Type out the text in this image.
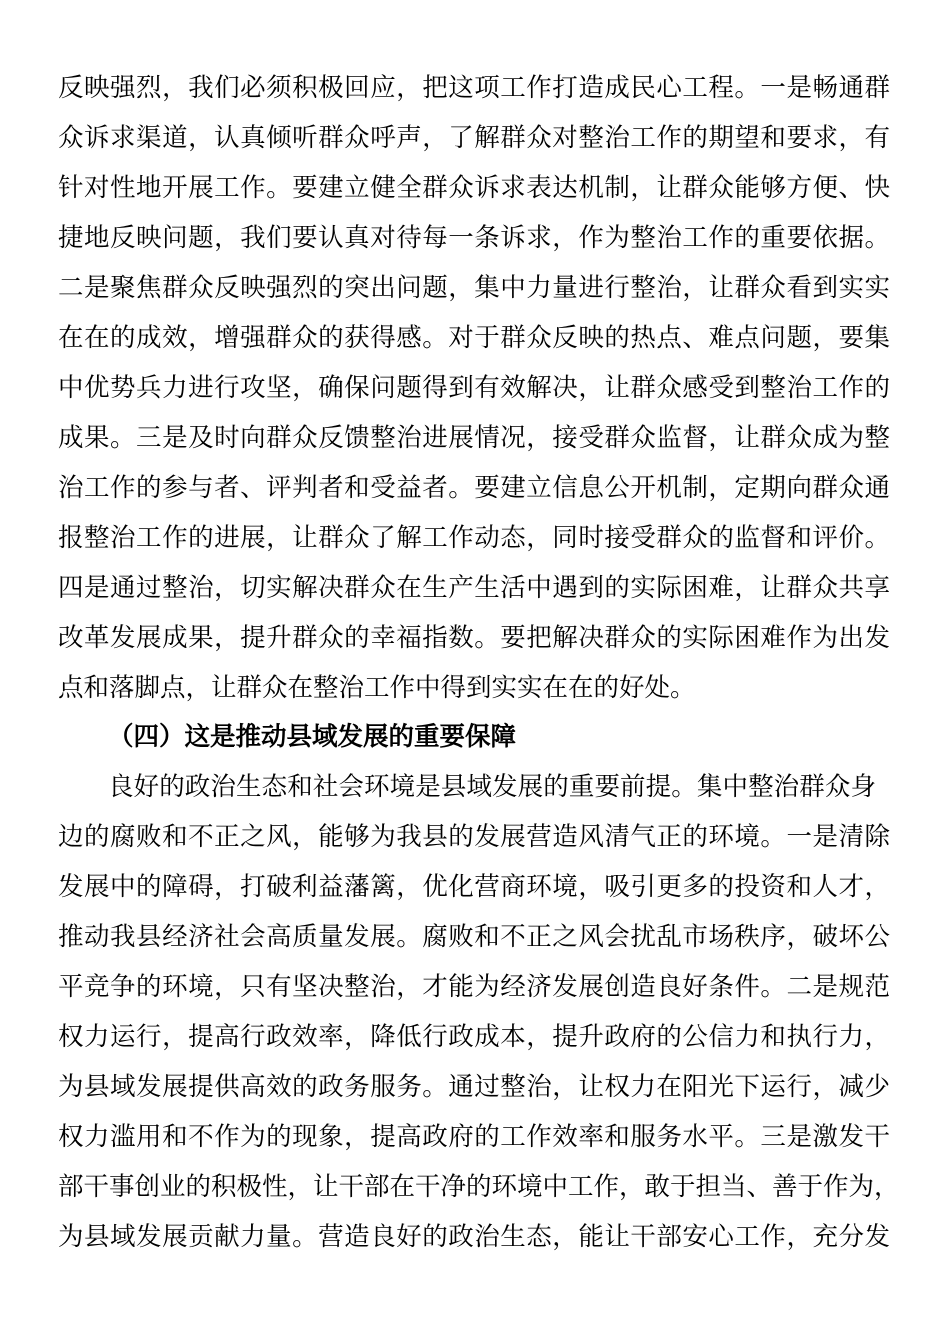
反映强烈，我们必须积极回应，把这项工作打造成民心工程。一是畅通群
众诉求渠道，认真倾听群众呼声，了解群众对整治工作的期望和要求，有
针对性地开展工作。要建立健全群众诉求表达机制，让群众能够方便、快
捷地反映问题，我们要认真对待每一条诉求，作为整治工作的重要依据。
二是聚焦群众反映强烈的突出问题，集中力量进行整治，让群众看到实实
在在的成效，增强群众的获得感。对于群众反映的热点、难点问题，要集
中优势兵力进行攻坚，确保问题得到有效解决，让群众感受到整治工作的
成果。三是及时向群众反馈整治进展情况，接受群众监督，让群众成为整
治工作的参与者、评判者和受益者。要建立信息公开机制，定期向群众通
报整治工作的进展，让群众了解工作动态，同时接受群众的监督和评价。
四是通过整治，切实解决群众在生产生活中遇到的实际困难，让群众共享
改革发展成果，提升群众的幸福指数。要把解决群众的实际困难作为出发
点和落脚点，让群众在整治工作中得到实实在在的好处。
（四）这是推动县域发展的重要保障
良好的政治生态和社会环境是县域发展的重要前提。集中整治群众身
边的腐败和不正之风，能够为我县的发展营造风清气正的环境。一是清除
发展中的障碍，打破利益藩篱，优化营商环境，吸引更多的投资和人才，
推动我县经济社会高质量发展。腐败和不正之风会扰乱市场秩序，破坏公
平竞争的环境，只有坚决整治，才能为经济发展创造良好条件。二是规范
权力运行，提高行政效率，降低行政成本，提升政府的公信力和执行力，
为县域发展提供高效的政务服务。通过整治，让权力在阳光下运行，减少
权力滥用和不作为的现象，提高政府的工作效率和服务水平。三是激发干
部干事创业的积极性，让干部在干净的环境中工作，敢于担当、善于作为，
为县域发展贡献力量。营造良好的政治生态，能让干部安心工作，充分发
